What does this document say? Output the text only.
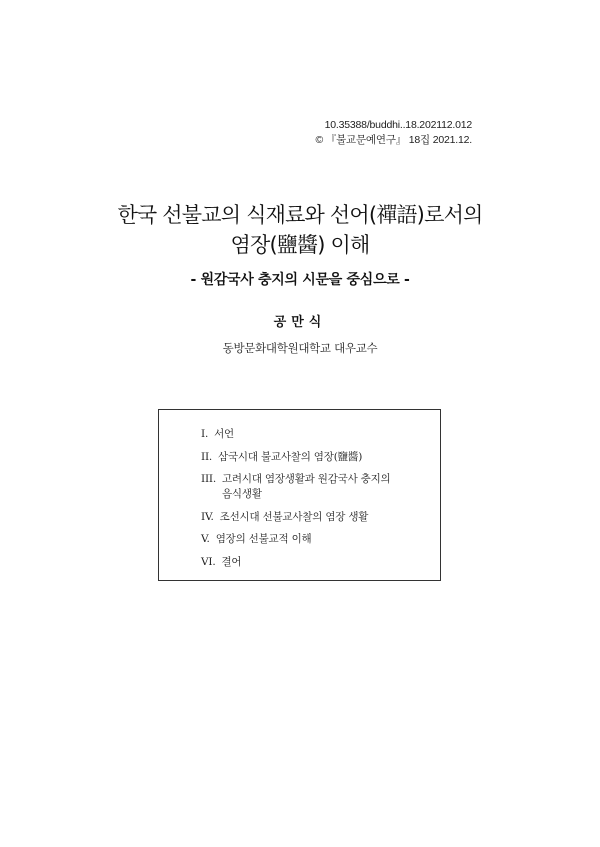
10.35388/buddhi..18.202112.012
© 『불교문예연구』 18집 2021.12.
한국 선불교의 식재료와 선어(禪語)로서의
염장(鹽醬) 이해
- 원감국사 충지의 시문을 중심으로 -
공만식
동방문화대학원대학교 대우교수
I. 서언
II. 삼국시대 불교사찰의 염장(鹽醬)
III. 고려시대 염장생활과 원감국사 충지의
음식생활
IV. 조선시대 선불교사찰의 염장 생활
V. 염장의 선불교적 이해
VI. 결어
